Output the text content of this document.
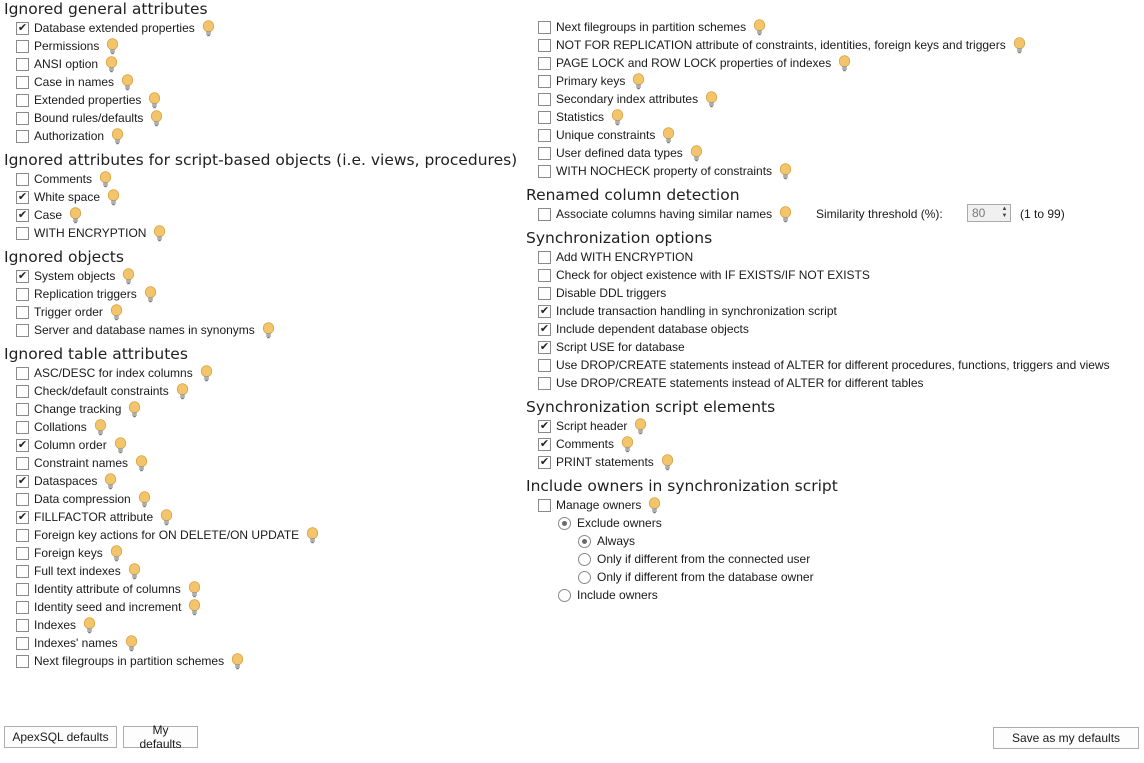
Ignored general attributes
✔ Database extended properties
Permissions
ANSI option
Case in names
Extended properties
Bound rules/defaults
Authorization
Ignored attributes for script-based objects (i.e. views, procedures)
Comments
✔ White space
✔ Case
WITH ENCRYPTION
Ignored objects
✔ System objects
Replication triggers
Trigger order
Server and database names in synonyms
Ignored table attributes
ASC/DESC for index columns
Check/default constraints
Change tracking
Collations
✔ Column order
Constraint names
✔ Dataspaces
Data compression
✔ FILLFACTOR attribute
Foreign key actions for ON DELETE/ON UPDATE
Foreign keys
Full text indexes
Identity attribute of columns
Identity seed and increment
Indexes
Indexes' names
Next filegroups in partition schemes
Next filegroups in partition schemes
NOT FOR REPLICATION attribute of constraints, identities, foreign keys and triggers
PAGE LOCK and ROW LOCK properties of indexes
Primary keys
Secondary index attributes
Statistics
Unique constraints
User defined data types
WITH NOCHECK property of constraints
Renamed column detection
Associate columns having similar names	Similarity threshold (%):	80	▲
▼ (1 to 99)
Synchronization options
Add WITH ENCRYPTION
Check for object existence with IF EXISTS/IF NOT EXISTS
Disable DDL triggers
✔ Include transaction handling in synchronization script
✔ Include dependent database objects
✔ Script USE for database
Use DROP/CREATE statements instead of ALTER for different procedures, functions, triggers and views
Use DROP/CREATE statements instead of ALTER for different tables
Synchronization script elements
✔ Script header
✔ Comments
✔ PRINT statements
Include owners in synchronization script
Manage owners
Exclude owners
Always
Only if different from the connected user
Only if different from the database owner
Include owners
ApexSQL defaults	My defaults	Save as my defaults
